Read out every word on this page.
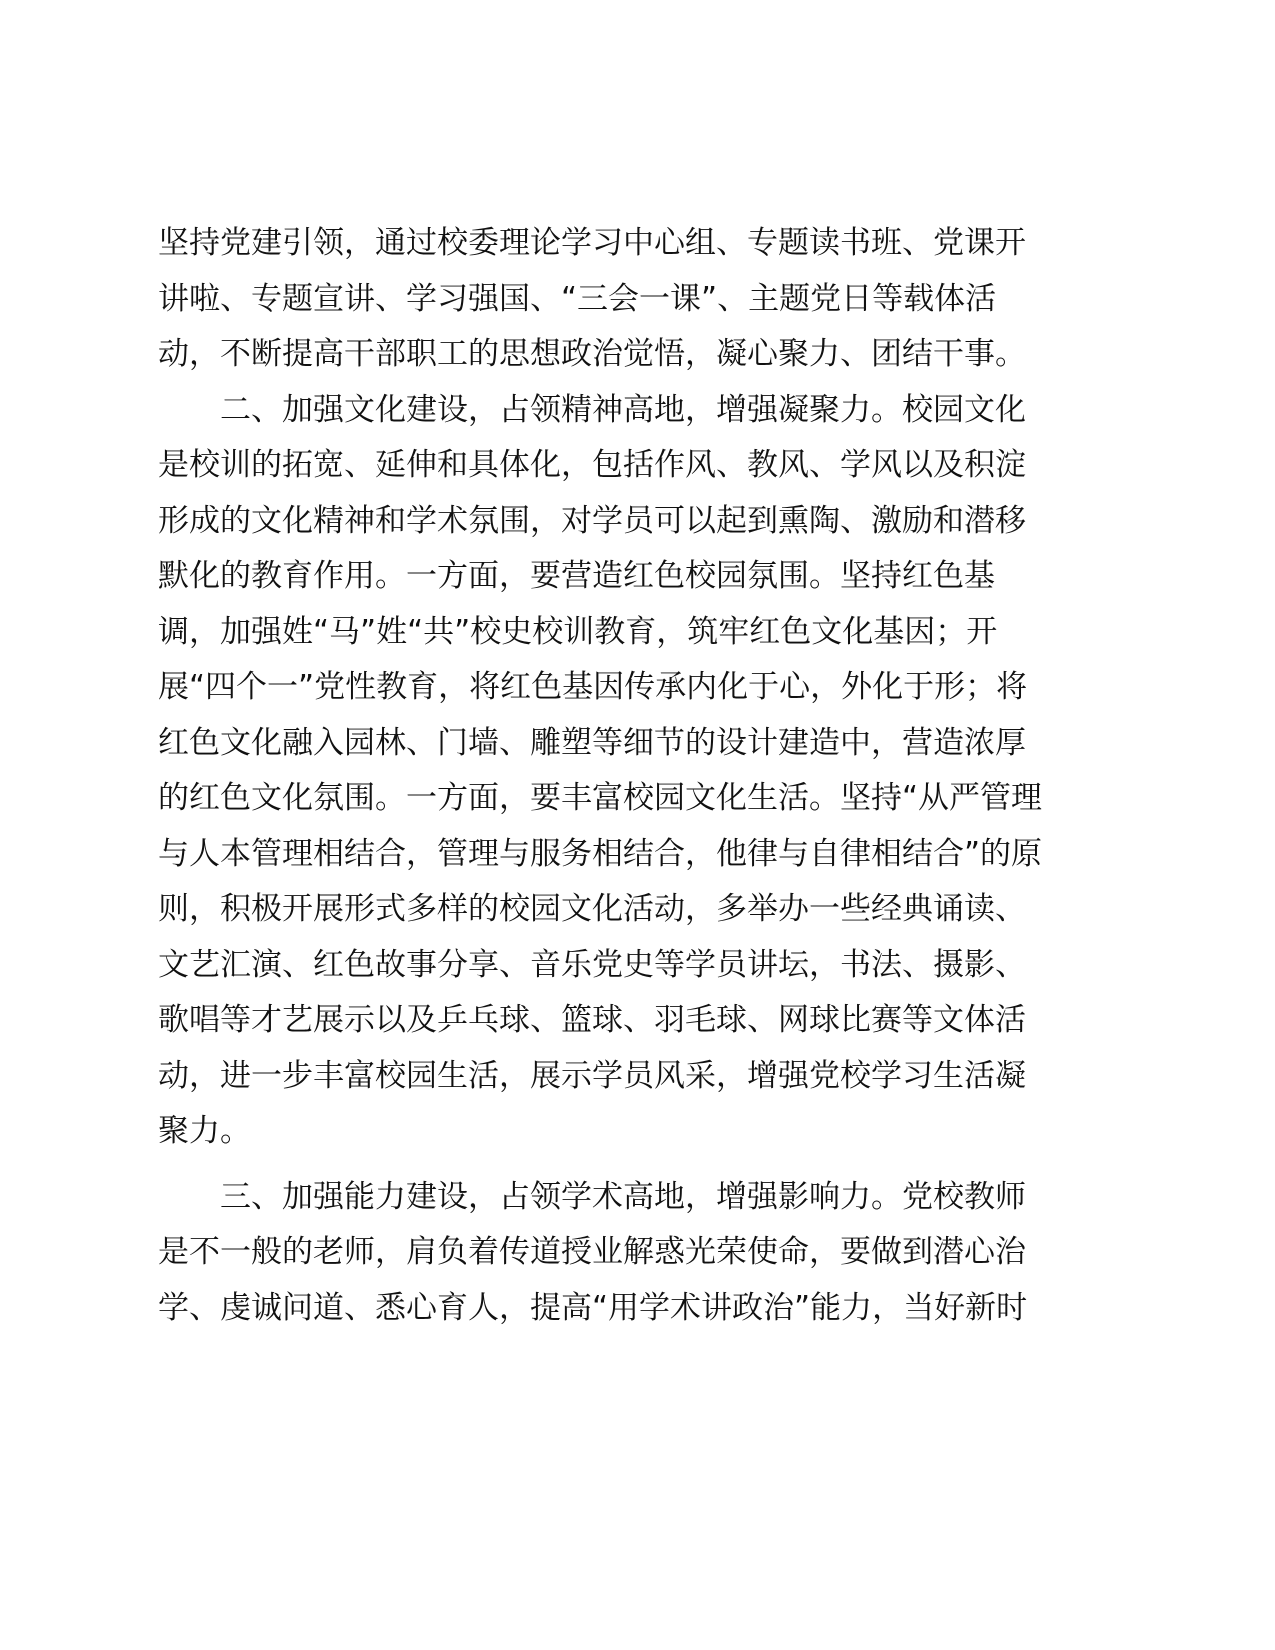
坚持党建引领，通过校委理论学习中心组、专题读书班、党课开
讲啦、专题宣讲、学习强国、“三会一课”、主题党日等载体活
动，不断提高干部职工的思想政治觉悟，凝心聚力、团结干事。
二、加强文化建设，占领精神高地，增强凝聚力。校园文化
是校训的拓宽、延伸和具体化，包括作风、教风、学风以及积淀
形成的文化精神和学术氛围，对学员可以起到熏陶、激励和潜移
默化的教育作用。一方面，要营造红色校园氛围。坚持红色基
调，加强姓“马”姓“共”校史校训教育，筑牢红色文化基因；开
展“四个一”党性教育，将红色基因传承内化于心，外化于形；将
红色文化融入园林、门墙、雕塑等细节的设计建造中，营造浓厚
的红色文化氛围。一方面，要丰富校园文化生活。坚持“从严管理
与人本管理相结合，管理与服务相结合，他律与自律相结合”的原
则，积极开展形式多样的校园文化活动，多举办一些经典诵读、
文艺汇演、红色故事分享、音乐党史等学员讲坛，书法、摄影、
歌唱等才艺展示以及乒乓球、篮球、羽毛球、网球比赛等文体活
动，进一步丰富校园生活，展示学员风采，增强党校学习生活凝
聚力。
三、加强能力建设，占领学术高地，增强影响力。党校教师
是不一般的老师，肩负着传道授业解惑光荣使命，要做到潜心治
学、虔诚问道、悉心育人，提高“用学术讲政治”能力，当好新时
